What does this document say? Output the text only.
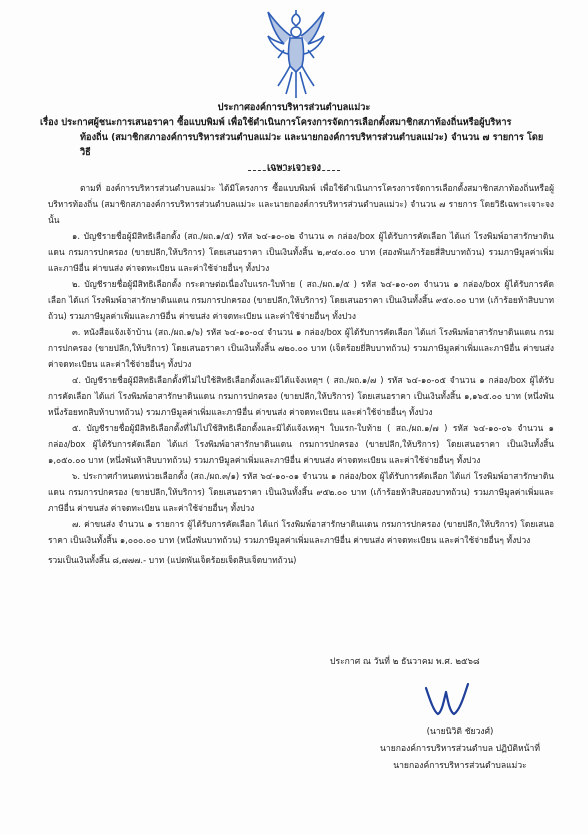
ประกาศองค์การบริหารส่วนตำบลแม่วะ
เรื่อง ประกาศผู้ชนะการเสนอราคา ซื้อแบบพิมพ์ เพื่อใช้ดำเนินการโครงการจัดการเลือกตั้งสมาชิกสภาท้องถิ่นหรือผู้บริหาร
ท้องถิ่น (สมาชิกสภาองค์การบริหารส่วนตำบลแม่วะ และนายกองค์การบริหารส่วนตำบลแม่วะ) จำนวน ๗ รายการ โดยวิธี
เฉพาะเจาะจง

ตามที่ องค์การบริหารส่วนตำบลแม่วะ ได้มีโครงการ ซื้อแบบพิมพ์ เพื่อใช้ดำเนินการโครงการจัดการเลือกตั้งสมาชิกสภาท้องถิ่นหรือผู้บริหารท้องถิ่น (สมาชิกสภาองค์การบริหารส่วนตำบลแม่วะ และนายกองค์การบริหารส่วนตำบลแม่วะ) จำนวน ๗ รายการ โดยวิธีเฉพาะเจาะจง นั้น

๑. บัญชีรายชื่อผู้มีสิทธิเลือกตั้ง (สถ./ผถ.๑/๕) รหัส ๖๔-๑๐-๐๒ จำนวน ๓ กล่อง/box ผู้ได้รับการคัดเลือก ได้แก่ โรงพิมพ์อาสารักษาดินแดน กรมการปกครอง (ขายปลีก,ให้บริการ) โดยเสนอราคา เป็นเงินทั้งสิ้น ๒,๙๔๐.๐๐ บาท (สองพันเก้าร้อยสี่สิบบาทถ้วน) รวมภาษีมูลค่าเพิ่มและภาษีอื่น ค่าขนส่ง ค่าจดทะเบียน และค่าใช้จ่ายอื่นๆ ทั้งปวง

๒. บัญชีรายชื่อผู้มีสิทธิเลือกตั้ง กระดาษต่อเนื่องใบแรก-ใบท้าย ( สถ./ผถ.๑/๕ ) รหัส ๖๔-๑๐-๐๓ จำนวน ๑ กล่อง/box ผู้ได้รับการคัดเลือก ได้แก่ โรงพิมพ์อาสารักษาดินแดน กรมการปกครอง (ขายปลีก,ให้บริการ) โดยเสนอราคา เป็นเงินทั้งสิ้น ๙๕๐.๐๐ บาท (เก้าร้อยห้าสิบบาทถ้วน) รวมภาษีมูลค่าเพิ่มและภาษีอื่น ค่าขนส่ง ค่าจดทะเบียน และค่าใช้จ่ายอื่นๆ ทั้งปวง

๓. หนังสือแจ้งเจ้าบ้าน (สถ./ผถ.๑/๖) รหัส ๖๔-๑๐-๐๔ จำนวน ๑ กล่อง/box ผู้ได้รับการคัดเลือก ได้แก่ โรงพิมพ์อาสารักษาดินแดน กรมการปกครอง (ขายปลีก,ให้บริการ) โดยเสนอราคา เป็นเงินทั้งสิ้น ๗๒๐.๐๐ บาท (เจ็ดร้อยยี่สิบบาทถ้วน) รวมภาษีมูลค่าเพิ่มและภาษีอื่น ค่าขนส่ง ค่าจดทะเบียน และค่าใช้จ่ายอื่นๆ ทั้งปวง

๔. บัญชีรายชื่อผู้มีสิทธิเลือกตั้งที่ไม่ไปใช้สิทธิเลือกตั้งและมิได้แจ้งเหตุฯ ( สถ./ผถ.๑/๗ ) รหัส ๖๔-๑๐-๐๕ จำนวน ๑ กล่อง/box ผู้ได้รับการคัดเลือก ได้แก่ โรงพิมพ์อาสารักษาดินแดน กรมการปกครอง (ขายปลีก,ให้บริการ) โดยเสนอราคา เป็นเงินทั้งสิ้น ๑,๑๖๕.๐๐ บาท (หนึ่งพันหนึ่งร้อยหกสิบห้าบาทถ้วน) รวมภาษีมูลค่าเพิ่มและภาษีอื่น ค่าขนส่ง ค่าจดทะเบียน และค่าใช้จ่ายอื่นๆ ทั้งปวง

๕. บัญชีรายชื่อผู้มีสิทธิเลือกตั้งที่ไม่ไปใช้สิทธิเลือกตั้งและมิได้แจ้งเหตุฯ ใบแรก-ใบท้าย ( สถ./ผถ.๑/๗ ) รหัส ๖๔-๑๐-๐๖ จำนวน ๑ กล่อง/box ผู้ได้รับการคัดเลือก ได้แก่ โรงพิมพ์อาสารักษาดินแดน กรมการปกครอง (ขายปลีก,ให้บริการ) โดยเสนอราคา เป็นเงินทั้งสิ้น ๑,๐๕๐.๐๐ บาท (หนึ่งพันห้าสิบบาทถ้วน) รวมภาษีมูลค่าเพิ่มและภาษีอื่น ค่าขนส่ง ค่าจดทะเบียน และค่าใช้จ่ายอื่นๆ ทั้งปวง

๖. ประกาศกำหนดหน่วยเลือกตั้ง (สถ./ผถ.๓/๑) รหัส ๖๔-๑๐-๐๑ จำนวน ๑ กล่อง/box ผู้ได้รับการคัดเลือก ได้แก่ โรงพิมพ์อาสารักษาดินแดน กรมการปกครอง (ขายปลีก,ให้บริการ) โดยเสนอราคา เป็นเงินทั้งสิ้น ๙๕๒.๐๐ บาท (เก้าร้อยห้าสิบสองบาทถ้วน) รวมภาษีมูลค่าเพิ่มและภาษีอื่น ค่าขนส่ง ค่าจดทะเบียน และค่าใช้จ่ายอื่นๆ ทั้งปวง

๗. ค่าขนส่ง จำนวน ๑ รายการ ผู้ได้รับการคัดเลือก ได้แก่ โรงพิมพ์อาสารักษาดินแดน กรมการปกครอง (ขายปลีก,ให้บริการ) โดยเสนอราคา เป็นเงินทั้งสิ้น ๑,๐๐๐.๐๐ บาท (หนึ่งพันบาทถ้วน) รวมภาษีมูลค่าเพิ่มและภาษีอื่น ค่าขนส่ง ค่าจดทะเบียน และค่าใช้จ่ายอื่นๆ ทั้งปวง

รวมเป็นเงินทั้งสิ้น ๘,๗๗๗.- บาท (แปดพันเจ็ดร้อยเจ็ดสิบเจ็ดบาทถ้วน)

ประกาศ ณ วันที่ ๒ ธันวาคม พ.ศ. ๒๕๖๘
(นายนิวิติ ชัยวงศ์)
นายกองค์การบริหารส่วนตำบล ปฏิบัติหน้าที่
นายกองค์การบริหารส่วนตำบลแม่วะ
